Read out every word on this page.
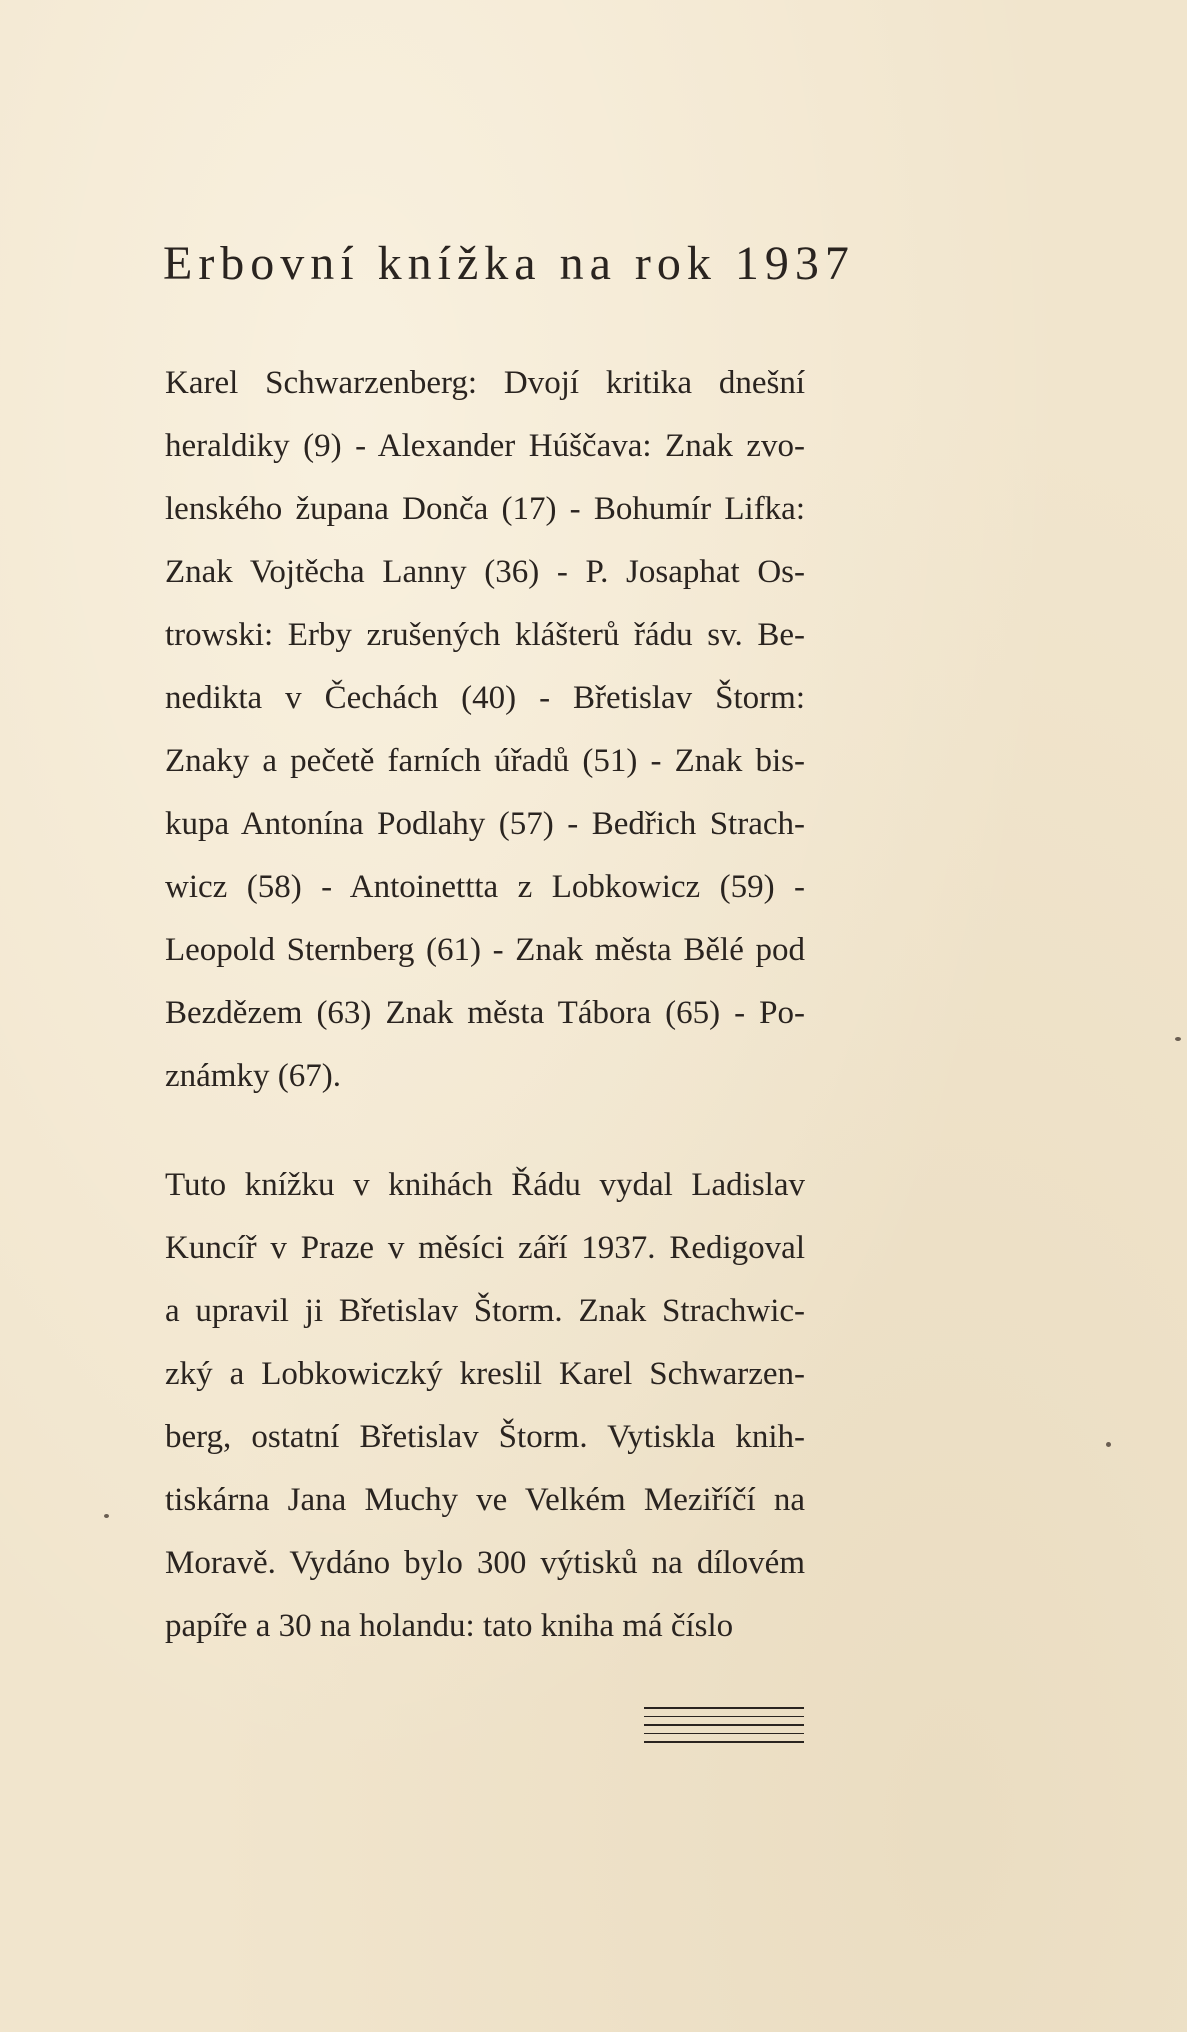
Erbovní knížka na rok 1937
Karel Schwarzenberg: Dvojí kritika dnešní
heraldiky (9) - Alexander Húščava: Znak zvo-
lenského župana Donča (17) - Bohumír Lifka:
Znak Vojtěcha Lanny (36) - P. Josaphat Os-
trowski: Erby zrušených klášterů řádu sv. Be-
nedikta v Čechách (40) - Břetislav Štorm:
Znaky a pečetě farních úřadů (51) - Znak bis-
kupa Antonína Podlahy (57) - Bedřich Strach-
wicz (58) - Antoinettta z Lobkowicz (59) -
Leopold Sternberg (61) - Znak města Bělé pod
Bezdězem (63) Znak města Tábora (65) - Po-
známky (67).
Tuto knížku v knihách Řádu vydal Ladislav
Kuncíř v Praze v měsíci září 1937. Redigoval
a upravil ji Břetislav Štorm. Znak Strachwic-
zký a Lobkowiczký kreslil Karel Schwarzen-
berg, ostatní Břetislav Štorm. Vytiskla knih-
tiskárna Jana Muchy ve Velkém Meziříčí na
Moravě. Vydáno bylo 300 výtisků na dílovém
papíře a 30 na holandu: tato kniha má číslo
